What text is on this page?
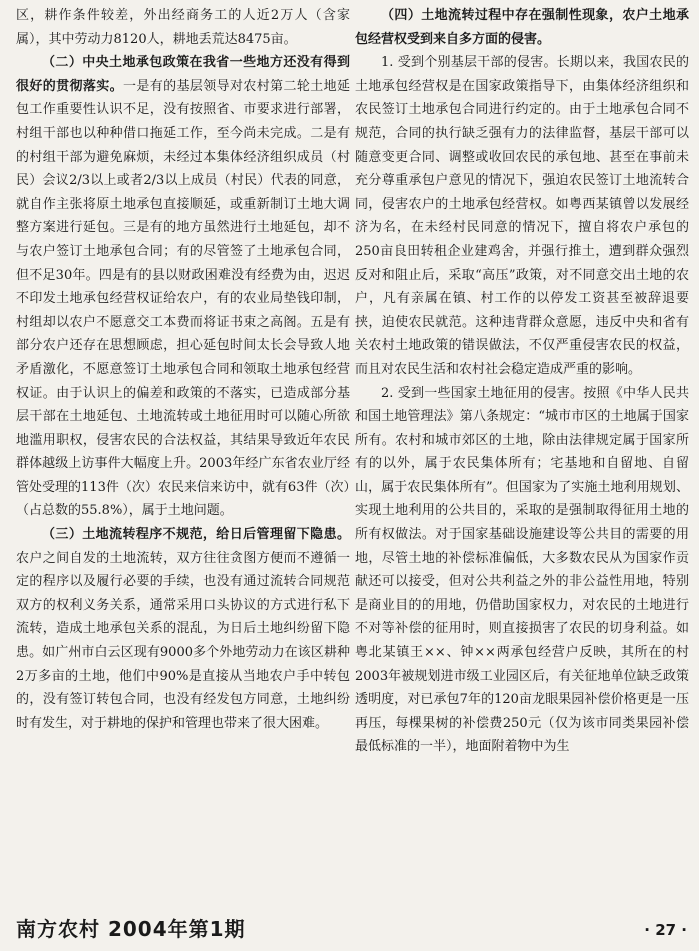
区，耕作条件较差，外出经商务工的人近2万人（含家属），其中劳动力8120人，耕地丢荒达8475亩。

（二）中央土地承包政策在我省一些地方还没有得到很好的贯彻落实。一是有的基层领导对农村第二轮土地延包工作重要性认识不足，没有按照省、市要求进行部署，村组干部也以种种借口拖延工作，至今尚未完成。二是有的村组干部为避免麻烦，未经过本集体经济组织成员（村民）会议2/3以上或者2/3以上成员（村民）代表的同意，就自作主张将原土地承包直接顺延，或重新制订土地大调整方案进行延包。三是有的地方虽然进行土地延包，却不与农户签订土地承包合同；有的尽管签了土地承包合同，但不足30年。四是有的县以财政困难没有经费为由，迟迟不印发土地承包经营权证给农户，有的农业局垫钱印制，村组却以农户不愿意交工本费而将证书束之高阁。五是有部分农户还存在思想顾虑，担心延包时间太长会导致人地矛盾激化，不愿意签订土地承包合同和领取土地承包经营权证。由于认识上的偏差和政策的不落实，已造成部分基层干部在土地延包、土地流转或土地征用时可以随心所欲地滥用职权，侵害农民的合法权益，其结果导致近年农民群体越级上访事件大幅度上升。2003年经广东省农业厅经管处受理的113件（次）农民来信来访中，就有63件（次）（占总数的55.8%），属于土地问题。

（三）土地流转程序不规范，给日后管理留下隐患。农户之间自发的土地流转，双方往往贪图方便而不遵循一定的程序以及履行必要的手续，也没有通过流转合同规范双方的权利义务关系，通常采用口头协议的方式进行私下流转，造成土地承包关系的混乱，为日后土地纠纷留下隐患。如广州市白云区现有9000多个外地劳动力在该区耕种2万多亩的土地，他们中90%是直接从当地农户手中转包的，没有签订转包合同，也没有经发包方同意，土地纠纷时有发生，对于耕地的保护和管理也带来了很大困难。

（四）土地流转过程中存在强制性现象，农户土地承包经营权受到来自多方面的侵害。

1. 受到个别基层干部的侵害。长期以来，我国农民的土地承包经营权是在国家政策指导下，由集体经济组织和农民签订土地承包合同进行约定的。由于土地承包合同不规范，合同的执行缺乏强有力的法律监督，基层干部可以随意变更合同、调整或收回农民的承包地、甚至在事前未充分尊重承包户意见的情况下，强迫农民签订土地流转合同，侵害农户的土地承包经营权。如粤西某镇曾以发展经济为名，在未经村民同意的情况下，擅自将农户承包的250亩良田转租企业建鸡舍，并强行推土，遭到群众强烈反对和阻止后，采取“高压”政策，对不同意交出土地的农户，凡有亲属在镇、村工作的以停发工资甚至被辞退要挟，迫使农民就范。这种违背群众意愿，违反中央和省有关农村土地政策的错误做法，不仅严重侵害农民的权益，而且对农民生活和农村社会稳定造成严重的影响。

2. 受到一些国家土地征用的侵害。按照《中华人民共和国土地管理法》第八条规定：“城市市区的土地属于国家所有。农村和城市郊区的土地，除由法律规定属于国家所有的以外，属于农民集体所有；宅基地和自留地、自留山，属于农民集体所有”。但国家为了实施土地利用规划、实现土地利用的公共目的，采取的是强制取得征用土地的所有权做法。对于国家基础设施建设等公共目的需要的用地，尽管土地的补偿标准偏低，大多数农民从为国家作贡献还可以接受，但对公共利益之外的非公益性用地，特别是商业目的的用地，仍借助国家权力，对农民的土地进行不对等补偿的征用时，则直接损害了农民的切身利益。如粤北某镇王××、钟××两承包经营户反映，其所在的村2003年被规划进市级工业园区后，有关征地单位缺乏政策透明度，对已承包7年的120亩龙眼果园补偿价格更是一压再压，每棵果树的补偿费250元（仅为该市同类果园补偿最低标准的一半），地面附着物中为生

南方农村 2004年第1期	· 27 ·
